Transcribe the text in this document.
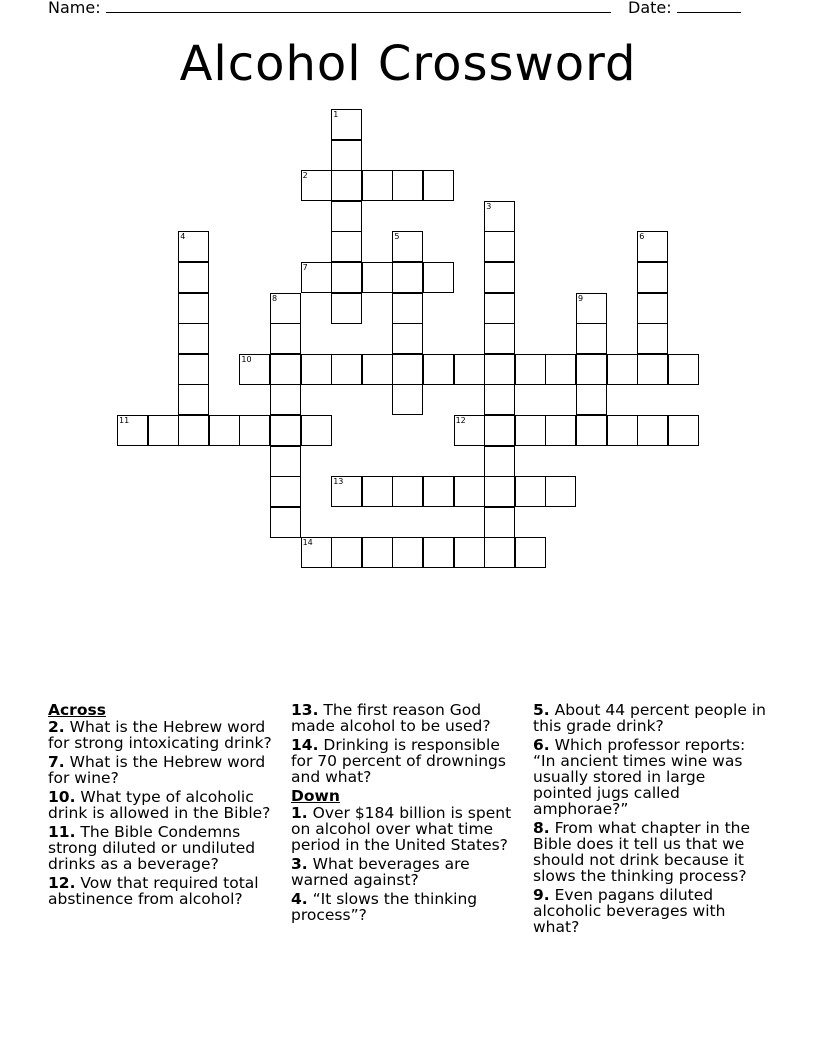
Name:	Date:
Alcohol Crossword
1
2
3
4	5	6
7
8	9
10
11	12
13
14
Across
2. What is the Hebrew word for strong intoxicating drink?
7. What is the Hebrew word for wine?
10. What type of alcoholic drink is allowed in the Bible?
11. The Bible Condemns strong diluted or undiluted drinks as a beverage?
12. Vow that required total abstinence from alcohol?
13. The first reason God made alcohol to be used?
14. Drinking is responsible for 70 percent of drownings and what?
Down
1. Over $184 billion is spent on alcohol over what time period in the United States?
3. What beverages are warned against?
4. “It slows the thinking process”?
5. About 44 percent people in this grade drink?
6. Which professor reports: “In ancient times wine was usually stored in large pointed jugs called amphorae?”
8. From what chapter in the Bible does it tell us that we should not drink because it slows the thinking process?
9. Even pagans diluted alcoholic beverages with what?
